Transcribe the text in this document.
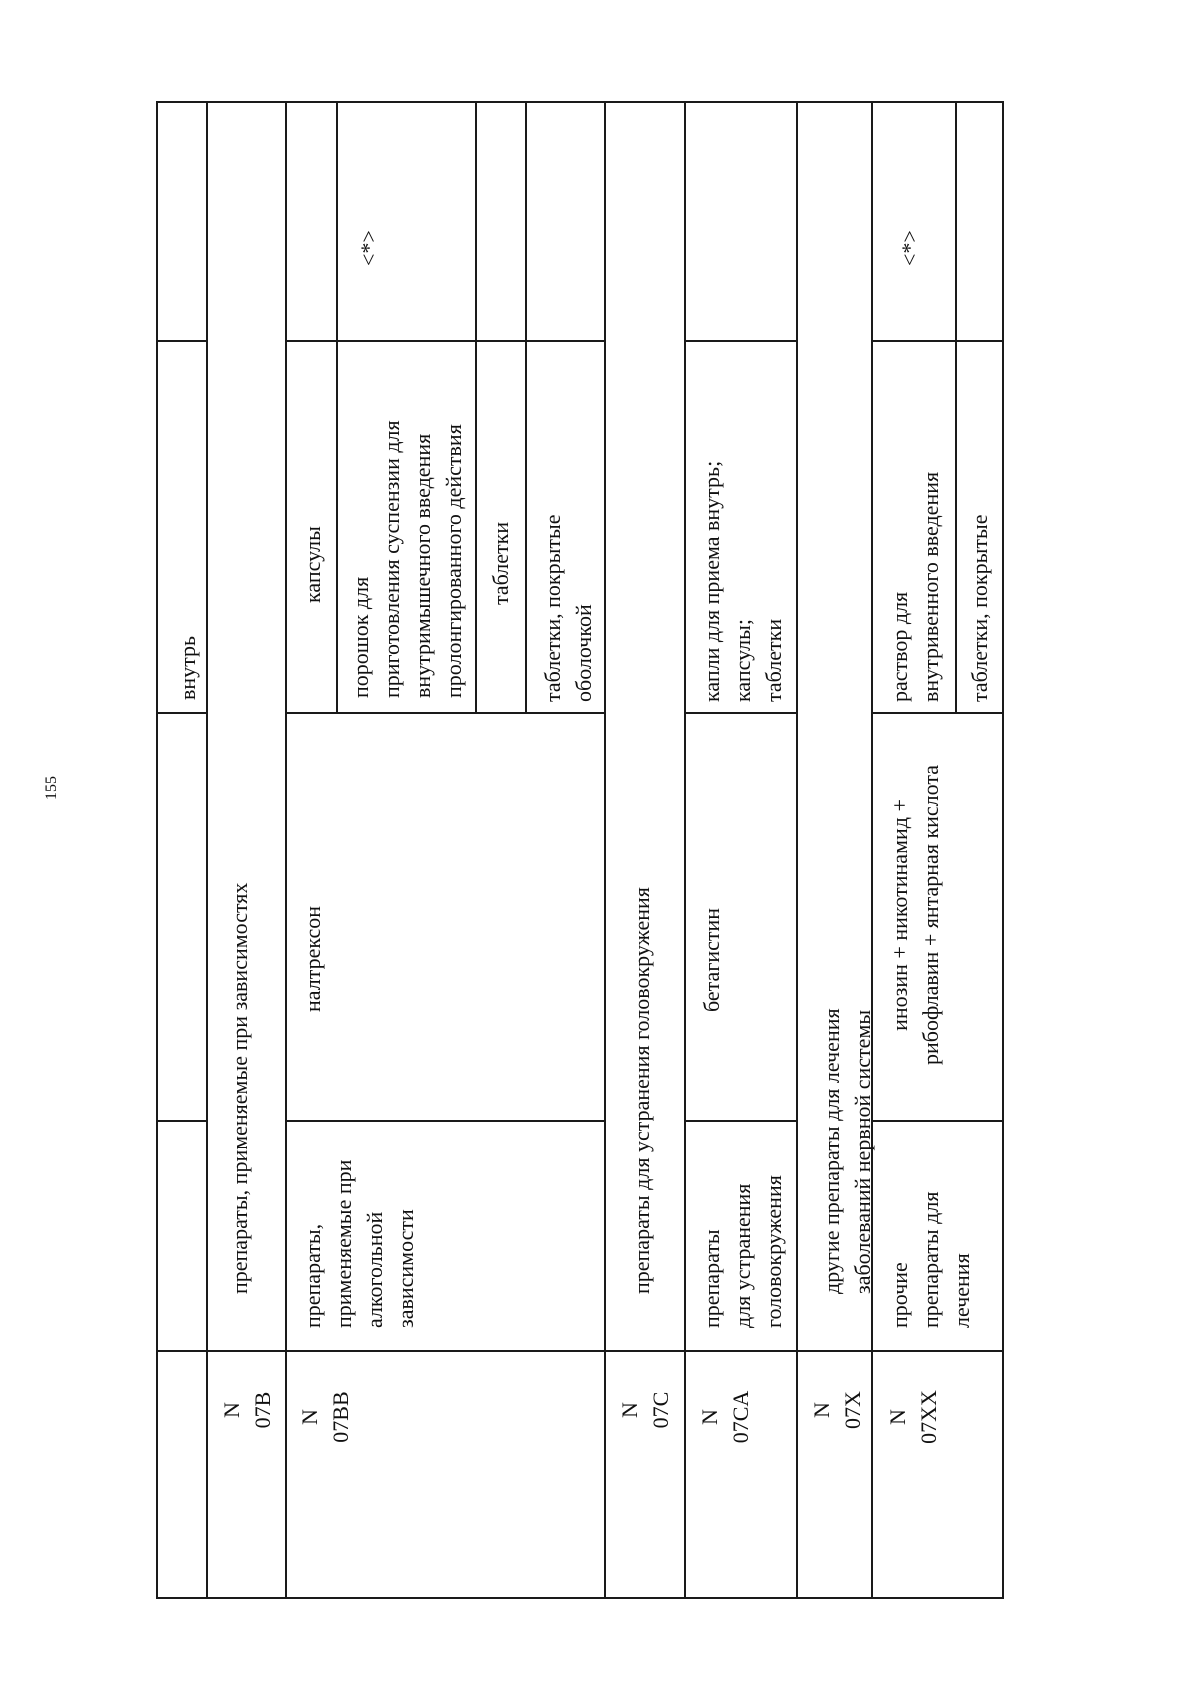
155
внутрь
N
07B
препараты, применяемые при зависимостях
N
07BB
препараты,
применяемые при
алкогольной
зависимости
налтрексон
капсулы
порошок для
приготовления суспензии для
внутримышечного введения
пролонгированного действия
таблетки
таблетки, покрытые
оболочкой
<*>
N
07C
препараты для устранения головокружения
N
07CA
препараты
для устранения
головокружения
бетагистин
капли для приема внутрь;
капсулы;
таблетки
N
07X
другие препараты для лечения заболеваний нервной системы
N
07XX
прочие
препараты для
лечения
инозин + никотинамид +
рибофлавин + янтарная кислота
раствор для
внутривенного введения
таблетки, покрытые
<*>
